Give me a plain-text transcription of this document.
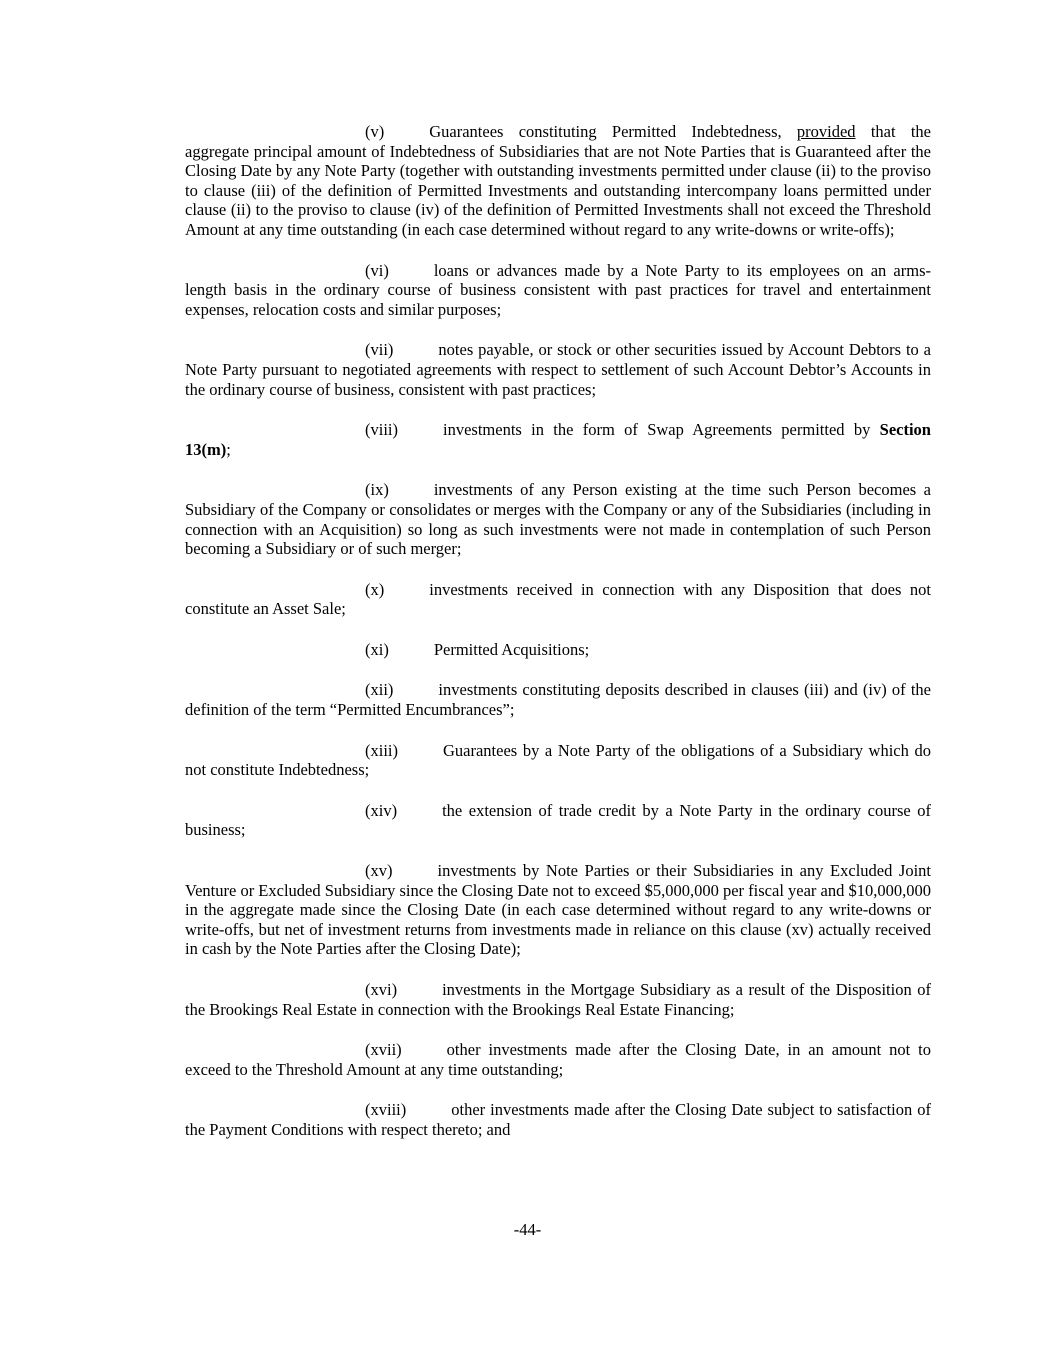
(v)	Guarantees constituting Permitted Indebtedness, provided that the aggregate principal amount of Indebtedness of Subsidiaries that are not Note Parties that is Guaranteed after the Closing Date by any Note Party (together with outstanding investments permitted under clause (ii) to the proviso to clause (iii) of the definition of Permitted Investments and outstanding intercompany loans permitted under clause (ii) to the proviso to clause (iv) of the definition of Permitted Investments shall not exceed the Threshold Amount at any time outstanding (in each case determined without regard to any write-downs or write-offs);

(vi)	loans or advances made by a Note Party to its employees on an arms-length basis in the ordinary course of business consistent with past practices for travel and entertainment expenses, relocation costs and similar purposes;

(vii)	notes payable, or stock or other securities issued by Account Debtors to a Note Party pursuant to negotiated agreements with respect to settlement of such Account Debtor’s Accounts in the ordinary course of business, consistent with past practices;

(viii)	investments in the form of Swap Agreements permitted by Section 13(m);

(ix)	investments of any Person existing at the time such Person becomes a Subsidiary of the Company or consolidates or merges with the Company or any of the Subsidiaries (including in connection with an Acquisition) so long as such investments were not made in contemplation of such Person becoming a Subsidiary or of such merger;

(x)	investments received in connection with any Disposition that does not constitute an Asset Sale;

(xi)	Permitted Acquisitions;

(xii)	investments constituting deposits described in clauses (iii) and (iv) of the definition of the term “Permitted Encumbrances”;

(xiii)	Guarantees by a Note Party of the obligations of a Subsidiary which do not constitute Indebtedness;

(xiv)	the extension of trade credit by a Note Party in the ordinary course of business;

(xv)	investments by Note Parties or their Subsidiaries in any Excluded Joint Venture or Excluded Subsidiary since the Closing Date not to exceed $5,000,000 per fiscal year and $10,000,000 in the aggregate made since the Closing Date (in each case determined without regard to any write-downs or write-offs, but net of investment returns from investments made in reliance on this clause (xv) actually received in cash by the Note Parties after the Closing Date);

(xvi)	investments in the Mortgage Subsidiary as a result of the Disposition of the Brookings Real Estate in connection with the Brookings Real Estate Financing;

(xvii)	other investments made after the Closing Date, in an amount not to exceed to the Threshold Amount at any time outstanding;

(xviii)	other investments made after the Closing Date subject to satisfaction of the Payment Conditions with respect thereto; and

-44-
